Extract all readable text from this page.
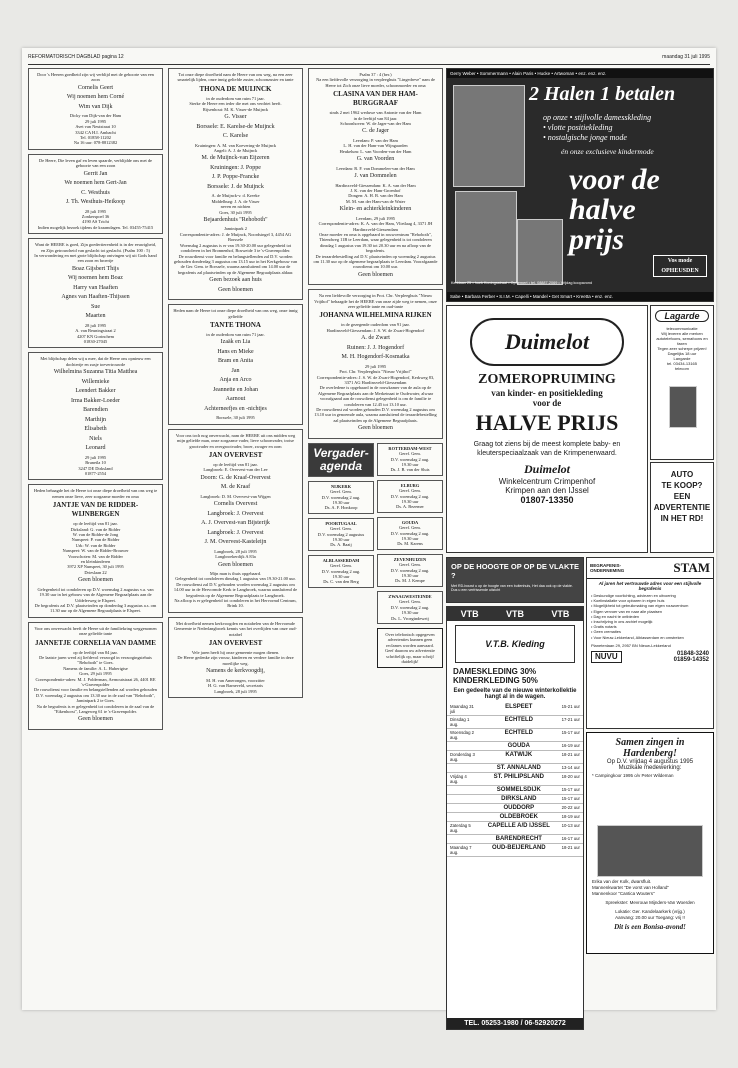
REFORMATORISCH DAGBLAD pagina 12	maandag 31 juli 1995
Door 's Heeren goedheid zijn wij verblijd met de geboorte van een zoon
Cornelis Geert
Wij noemen hem Corné
Wim van Dijk
Dicky van Dijk-van der Ham
29 juli 1995
Avet van Neutstraat 10
3342 CA H.I. Ambacht
Tel. 01858-11202
Na 16 uur: 078-8812382
De Heere, Die leven gaf en leven spaarde, verblijdde ons met de geboorte van een zoon
Gerrit Jan
We noemen hem Gert-Jan
C. Westhuis
J. Th. Westhuis-Heikoop
28 juli 1995
Zonkerspoel 36
4190 AS Tricht
Indien mogelijk bezoek tijdens de kraamdagen. Tel. 03455-75415
Want de HEERE is goed, Zijn goedertierenheid is in der eeuwigheid, en Zijn getrouwheid van geslacht tot geslacht. (Psalm 100 : 5)
In verwondering en met grote blijdschap ontvingen wij uit Gods hand een zoon en broertje
Boaz Gijsbert Thijs
Wij noemen hem Boaz
Harry van Haaften
Agnes van Haaften-Thijssen
Sue
Maarten
28 juli 1995
A. van Beuningstraat 2
4207 KN Gorinchem
01830-27045
Met blijdschap delen wij u mee, dat de Heere ons opnieuw een dochtertje en zusje toevertrouwde
Wilhelmina Suzanna Titia Matthea
Willemieke
Leendert Bakker
Irma Bakker-Loeder
Barendien
Marthijn
Elisabeth
Niels
Leonard
29 juli 1995
Bruneila 10
3247 DE Dirksland
01877-2554
Heden behaagde het de Heere tot onze diepe droefheid van ons weg te nemen onze lieve, zeer zorgzame moeder en oma
JANTJE VAN DE RIDDER-WIJNBERGEN
op de leeftijd van 81 jaar.
Dirksland: G. van de Ridder
W. van de Ridder-de Jong
Nunspeet: P. van de Ridder
Urk: W. van de Ridder
Nunspeet: W. van de Ridder-Brouwer
Voorschoten: M. van de Ridder
en kleinkinderen
3972 XP Nunspeet, 30 juli 1995
Drieslaan 22
Geen bloemen
Gelegenheid tot condoleren op D.V. woensdag 2 augustus v.a. van 19.30 uur in het gebouw van de Algemene Begraafplaats aan de Uddelerweg te Elspeet.
De begrafenis zal D.V. plaatsvinden op donderdag 3 augustus a.s. om 11.30 uur op de Algemene Begraafplaats te Elspeet.
Voor ons onverwacht heeft de Heere uit de familiekring weggenomen onze geliefde tante
JANNETJE CORNELIA VAN DAMME
op de leeftijd van 84 jaar.
De laatste jaren werd zij liefdevol verzorgd in verzorgingstehuis "Rehoboth" te Goes.
Namens de familie: A. L. Huberigtse
Goes, 29 juli 1995
Correspondentie-adres: M. J. Polderman, Aernoutstraat 26, 4401 RE 's-Gravenpolder
De rouwdienst voor familie en belangstellenden zal worden gehouden D.V. woensdag 2 augustus om 13.30 uur in de zaal van "Rehoboth", Jaminipark 2 te Goes.
Na de begrafenis is er gelegenheid tot condoleren in de zaal van de "Eikenhorst", Langeweg 61 te 's-Gravenpolder.
Geen bloemen
Tot onze diepe droefheid nam de Heere van ons weg, na een zeer smartelijk lijden, onze innig geliefde zuster, schoonzuster en tante
THONA DE MUIJNCK
in de ouderdom van ruim 71 jaar.
Sterke de Heere een ieder die met ons verdriet heeft.
Rijsenhout: M. K. Visser-de Muijnck
G. Visser
Borssele: E. Karelse-de Muijnck
C. Karelse
Kruiningen: A. M. van Koevering-de Muijnck
Angeli: A. J. de Muijnck
M. de Muijnck-van Eijzeren
Kruiningen: J. Poppe
J. P. Poppe-Francke
Borssele: J. de Muijnck
A. de Muijnck-v. d. Kreeke
Middelburg: J. A. de Visser
neven en nichten
Goes, 30 juli 1995
Bejaardenhuis "Rehoboth"
Jaminipark 2
Correspondentie-adres: J. de Muijnck, Noordsingel 3, 4454 AG Borssele
Woensdag 2 augustus is er van 19.30-20.00 uur gelegenheid tot condoleren in het Bronnenhof, Bosweide 3 te 's-Gravenpolder.
De rouwdienst voor familie en belangstellenden zal D.V. worden gehouden donderdag 3 augustus om 13.15 uur in het Kerkgebouw van de Ger. Gem. te Borssele, waarna aansluitend om 14.00 uur de begrafenis zal plaatsvinden op de Algemene Begraafplaats aldaar.
Geen bezoek aan huis
Geen bloemen
Heden nam de Heere tot onze diepe droefheid van ons weg, onze innig geliefde
TANTE THONA
in de ouderdom van ruim 71 jaar.
Izaäk en Lia
Hans en Mieke
Bram en Anita
Jan
Anja en Arco
Jeannette en Johan
Aarnout
Achterneefjes en -nichtjes
Borssele, 30 juli 1995
Voor ons toch nog onverwacht, nam de HEERE uit ons midden weg mijn geliefde man, onze zorgzame vader, lieve schoonvader, trotse grootvader en overgrootvader, broer, zwager en oom
JAN OVERVEST
op de leeftijd van 81 jaar.
Langbroek: E. Overvest-van der Lee
Doorn: G. de Kraaf-Overvest
M. de Kraaf
Langbroek: D. M. Overvest-van Wijgen
Cornelis Overvest
Langbroek: J. Overvest
A. J. Overvest-van Bijsterijk
Langbroek: J. Overvest
J. M. Overvest-Kasteleijn
Langbroek, 28 juli 1995
Langbroekerdijk A 83a
Geen bloemen
Mijn man is thuis opgebaard.
Gelegenheid tot condoleren dinsdag 1 augustus van 19.30-21.00 uur.
De rouwdienst zal D.V. gehouden worden woensdag 2 augustus om 14.00 uur in de Hervormde Kerk te Langbroek, waarna aansluitend de begrafenis op de Algemene Begraafplaats te Langbroek.
Na afloop is er gelegenheid tot condoleren in het Hervormd Centrum, Brink 10.
Met droefheid nemen kerkvoogden en notabelen van de Hervormde Gemeente te Nederlangbroek kennis van het overlijden van onze oud-notabel
JAN OVERVEST
Vele jaren heeft hij onze gemeente mogen dienen.
De Heere gedenke zijn vrouw, kinderen en verdere familie in deze moeilijke weg.
Namens de kerkvoogdij,
M. H. van Amerongen, voorzitter
H. G. van Barneveld, secretaris
Langbroek, 28 juli 1995
Psalm 37 : 4 (ber.)
Na een liefdevolle verzorging in verpleeghuis "Lingedreve" nam de Heere tot Zich onze lieve moeder, schoonmoeder en oma
CLASINA VAN DER HAM-BURGGRAAF
sinds 2 mei 1962 weduwe van Antonie van der Ham
in de leeftijd van 84 jaar.
Schoonhoven: W. de Jager-van der Ham
C. de Jager
Leerdam: P. van der Ham
L. H. van der Ham-van Wijngaarden
Heukelum: L. van Voorden-van der Ham
G. van Voorden
Leerdam: R. F. van Dommelen-van der Ham
J. van Dommelen
Hardinxveld-Giessendam: K. A. van der Ham
J. K. van der Ham-Groenhof
Dongen: A. H. B. van der Ham
M. M. van der Ham-van de Water
Klein- en achterkleinkinderen
Leerdam, 29 juli 1995
Correspondentie-adres: K. A. van der Ham, Vlietlaag 4, 3371 JH Hardinxveld-Giessendam
Onze moeder en oma is opgebaard in rouwcentrum "Rehoboth", Thiendweg 11B te Leerdam, waar gelegenheid is tot condoleren dinsdag 1 augustus van 19.30 tot 20.30 uur en na afloop van de begrafenis.
De teraardebestelling zal D.V. plaatsvinden op woensdag 2 augustus om 11.30 uur op de algemene begraafplaats te Leerdam. Voorafgaande rouwdienst om 10.00 uur.
Geen bloemen
Na een liefdevolle verzorging in Prot. Chr. Verpleeghuis "Nieuw Vrijthof" behaagde het de HEERE van onze zijde weg te nemen, onze zeer geliefde tante en oud-tante
JOHANNA WILHELMINA RIJKEN
in de gezegende ouderdom van 91 jaar.
Hardinxveld-Giessendam: J. S. W. de Zwart-Hogendorf
A. de Zwart
Ruinen: J. J. Hogendorf
M. H. Hogendorf-Kosmatka
29 juli 1995
Prot. Chr. Verpleeghuis "Nieuw Vrijthof"
Correspondentie-adres: J. S. W. de Zwart-Hogendorf, Kerkweg 83, 3371 AG Hardinxveld-Giessendam
De overledene is opgebaard in de rouwkamer van de aula op de Algemene Begraafplaats aan de Merketnaat te Oudewater, alwaar voorafgaand aan de rouwdienst gelegenheid is om de familie te condoleren van 12.45 tot 13.10 uur.
De rouwdienst zal worden gehouden D.V. woensdag 2 augustus om 13.10 uur in genoemde aula, waarna aansluitend de teraardebestelling zal plaatsvinden op de Algemene Begraafplaats.
Geen bloemen
Vergader-agenda
NIJKERK
Geref. Gem.
D.V. woensdag 2 aug.
19.30 uur
Ds. A. F. Honkoop
POORTUGAAL
Geref. Gem.
D.V. woensdag 2 augustus
19.30 uur
Ds. A. Baaij
ALBLASSERDAM
Geref. Gem.
D.V. woensdag 2 aug.
19.30 uur
Ds. C. van den Berg
ROTTERDAM-WEST
Geref. Gem.
D.V. woensdag 2 aug.
19.30 uur
Ds. J. B. van der Sluis
ELBURG
Geref. Gem.
D.V. woensdag 2 aug.
19.30 uur
Ds. A. Bezemer
GOUDA
Geref. Gem.
D.V. woensdag 2 aug.
19.30 uur
Ds. M. Karens
ZEVENHUIZEN
Geref. Gem.
D.V. woensdag 2 aug.
19.30 uur
Ds. M. J. Kempe
ZWAAGWESTEINDE
Geref. Gem.
D.V. woensdag 2 aug.
19.30 uur
Ds. L. Vroegindeweij
Over telefonisch opgegeven advertenties kunnen geen reclames worden aanvaard.
Geef daarom uw advertentie schriftelijk op, maar schrijf duidelijk!
Gerry Weber • Sommermann • Alain Paris • Hucke • Artwoman • enz. enz. enz.
2 Halen 1 betalen
op onze • stijlvolle damesskleding
• vlotte positiekleding
• nostalgische jonge mode
én onze exclusieve kindermode
voor de
halve
prijs
Vos mode OPHEUSDEN
Kerklaan 25 • hoek Koningsstraat • Ophemert • tel. 08887-2069 • Vrijdag koopavond
Sabe • Barbara Ferber • S.I.M. • Capelli • Mandel • Get Smart • Kreetta • enz. enz.
Duimelot
ZOMEROPRUIMING
van kinder- en positiekleding
voor de
HALVE PRIJS
Graag tot ziens bij de meest komplete baby- en kleuterspeciaalzaak van de Krimpenerwaard.
Duimelot
Winkelcentrum Crimpenhof
Krimpen aan den IJssel
01807-13350
Lagarde
telecommunicatie
Wij leveren alle merken autotelefoons, semafoons en faxen
Tegen zeer scherpe prijzen!
Dagelijks 18 uur
Langarde
tel. 03434-13165
telecom
AUTO
TE KOOP?
EEN
ADVERTENTIE
IN HET RD!
OP DE HOOGTE OP OP DE VLAKTE ?
Met RD-bouwt u op de hoogte van een buitenhuis, Het daa ook op de vlakte. Dus u een verfrissende uitzicht
BEGRAFENIS-ONDERNEMING	STAM
Al jaren het vertrouwde adres voor een stijlvolle begrafenis
• Deskundige voorlichting, adviezen en uitvoering
• Koelinstallatie voor opbaren in eigen huis
• Mogelijkheid tot gebruikmaking van eigen rouwcentrum
• Eigen vervoer van en naar alle plaatsen
• Dag en nacht te ontbieden
• Inschrijving in ons archief mogelijk
• Gratis notaris
• Geen crematies
• Voor Nieuw-Lekkerland, Alblasserdam en omstreken
Planetenlaan 29, 2957 BN Nieuw-Lekkerland
NUVU	01848-3240
01859-14352
VTB	VTB	VTB
V.T.B. Kleding
DAMESKLEDING 30%
KINDERKLEDING 50%
Een gedeelte van de nieuwe winterkollektie hangt al in de wagen.
Maandag 31 juli
ELSPEET	15-21 uur
Dinsdag 1 aug.
ECHTELD	17-21 uur
Woensdag 2 aug.
ECHTELD	15-17 uur
GOUDA	16-19 uur
Donderdag 3 aug.
KATWIJK	18-21 uur
ST. ANNALAND	13-14 uur
Vrijdag 4 aug.
ST. PHILIPSLAND	18-20 uur
SOMMELSDIJK	15-17 uur
DIRKSLAND	15-17 uur
OUDDORP	20-22 uur
OLDEBROEK	18-19 uur
Zaterdag 5 aug.
CAPELLE A/D IJSSEL	10-13 uur
BARENDRECHT	16-17 uur
Maandag 7 aug.
OUD-BEIJERLAND	18-21 uur
TEL. 05253-1980 / 06-52920272
Samen zingen in
Hardenberg!
Op D.V. vrijdag 4 augustus 1995
Muzikale medewerking:
* Campingkoor 1995 o/v Peter Wildeman
Erika van der Kolk, dwarsfluit.
Mannenkwartet "De vorst van Holland"
Mannenkoor "Cantica Wouters"
Spreekster: Mevrouw Mijnders-Van Woerden
Lokatie: Ger. Kandelaarkerk (vrijg.)
Aanvang: 20.00 uur Toegang: vrij !!
Dit is een Bonisa-avond!
